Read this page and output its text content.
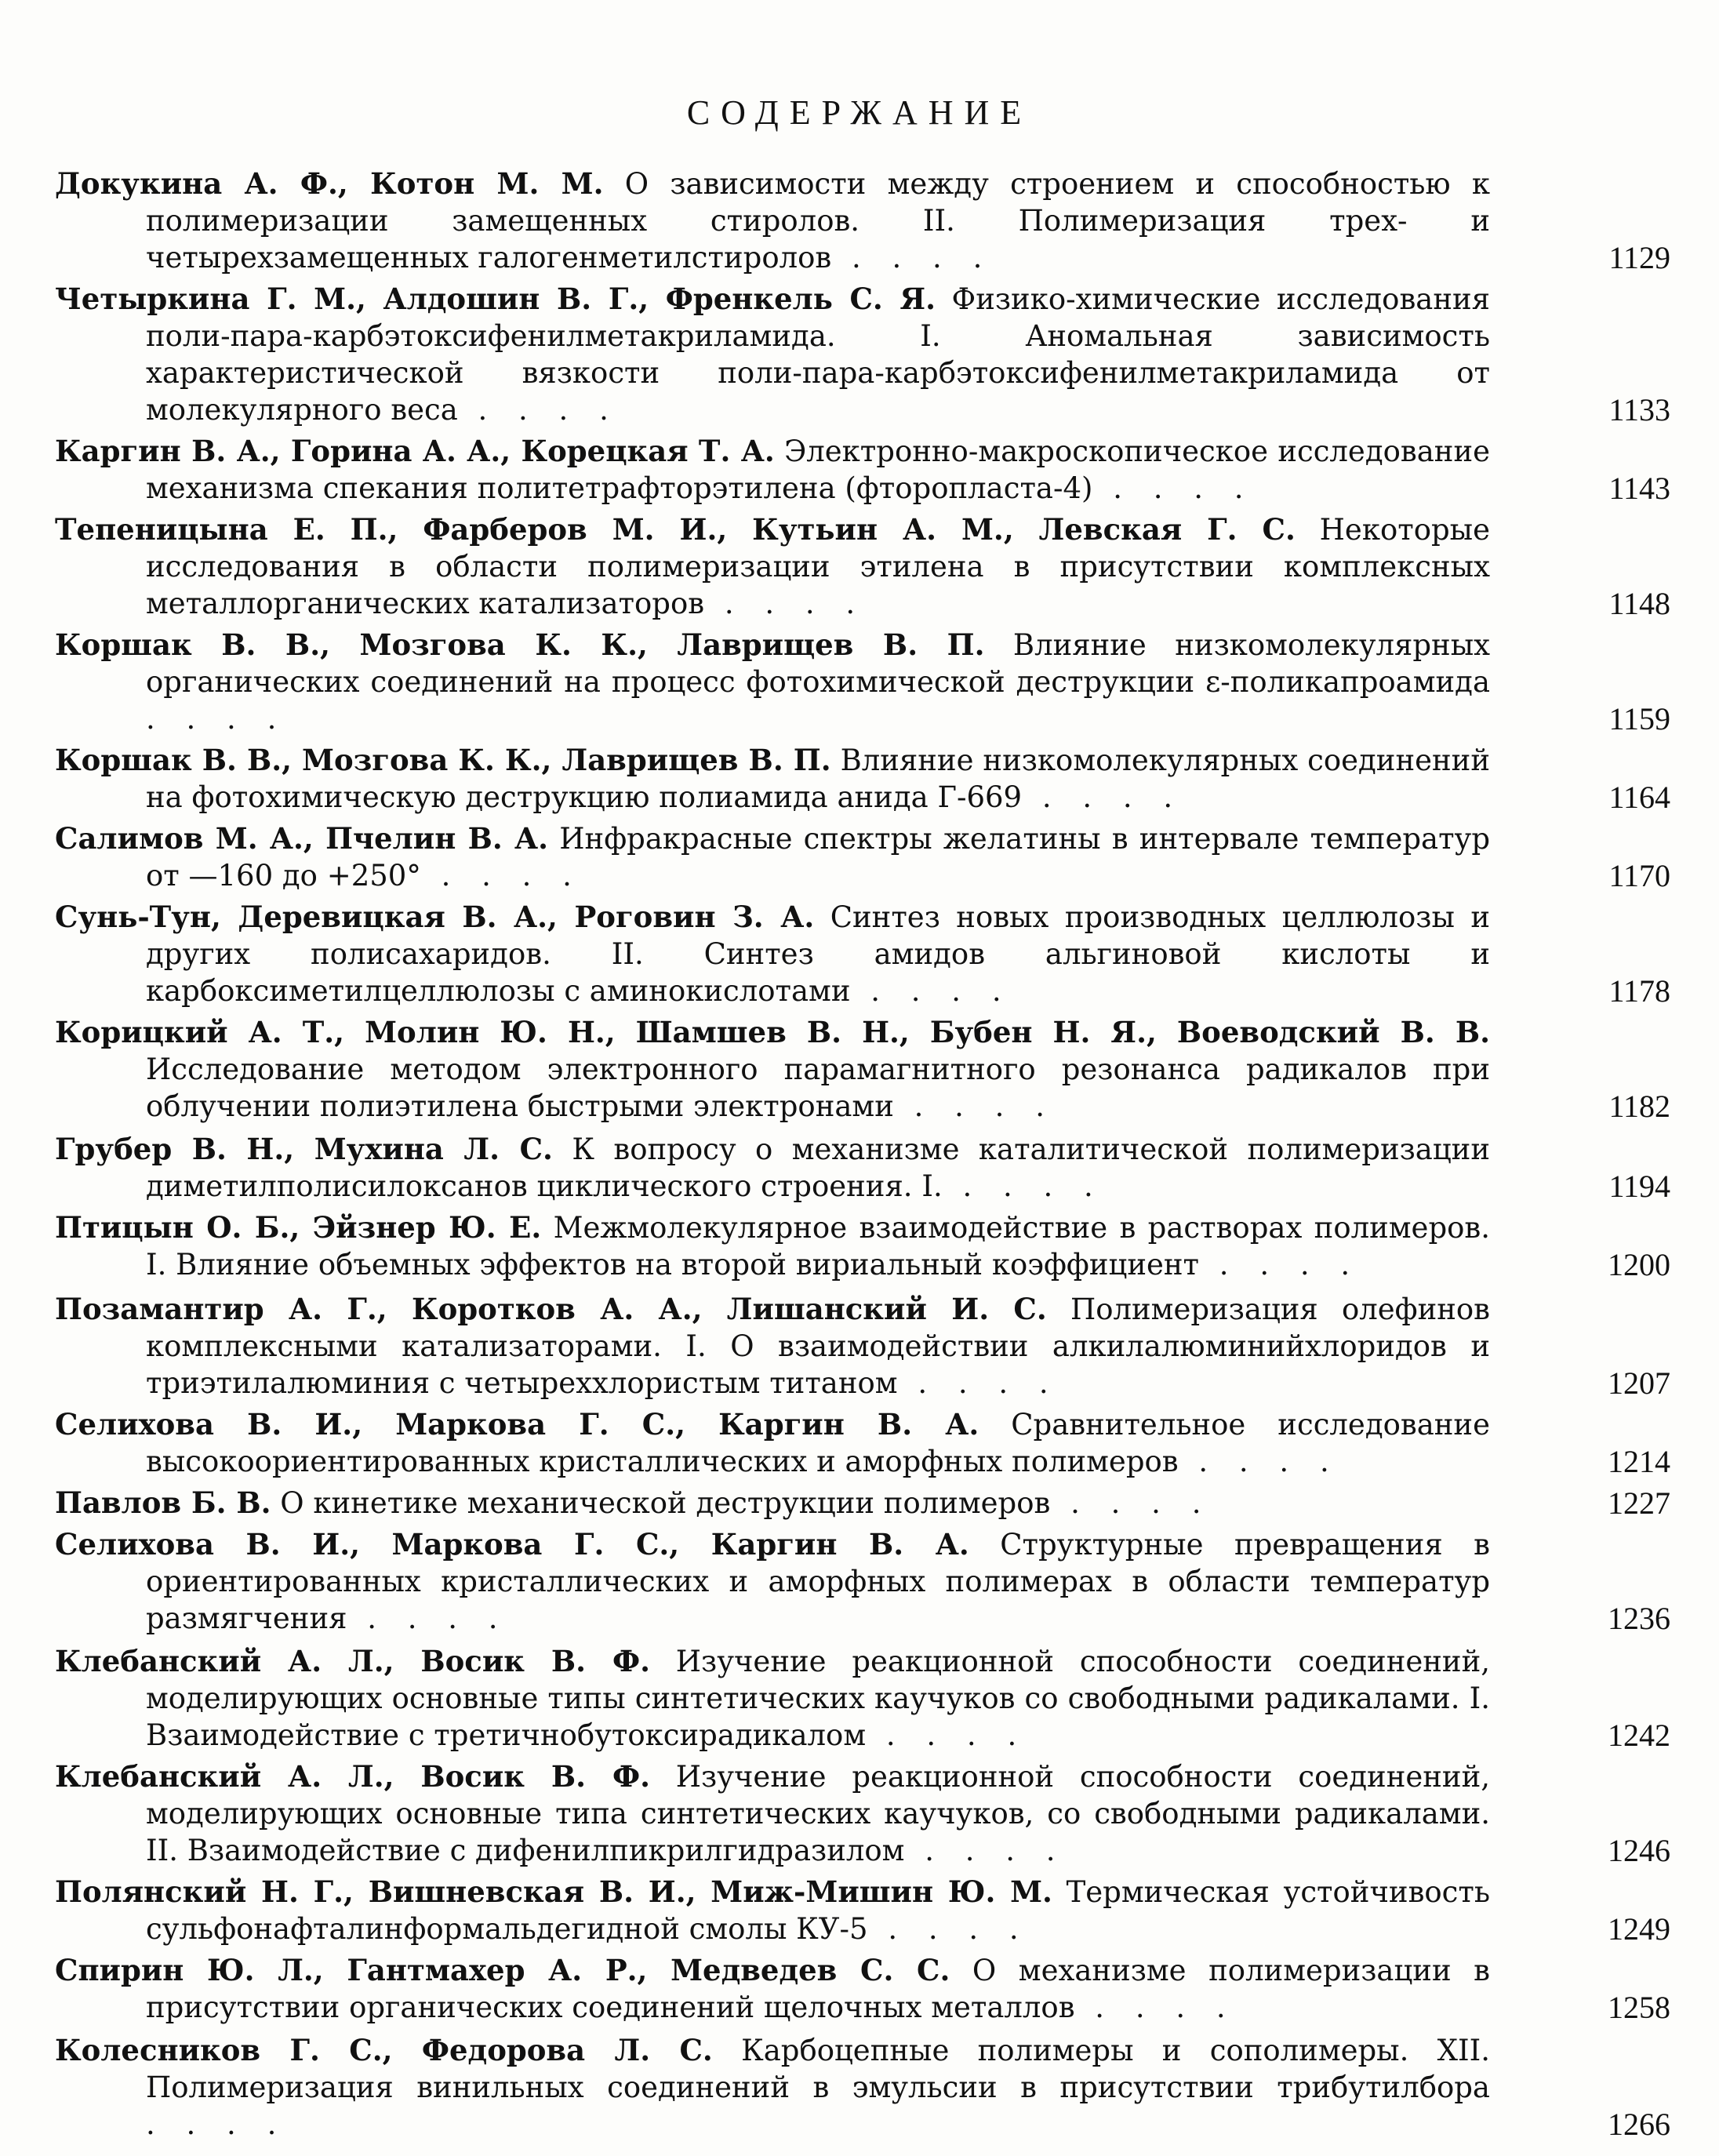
СОДЕРЖАНИЕ
Докукина А. Ф., Котон М. М. О зависимости между строением и способностью к полимеризации замещенных стиролов. II. Полимеризация трех- и четырехзамещенных галогенметилстиролов . . . .	1129
Четыркина Г. М., Алдошин В. Г., Френкель С. Я. Физико-химические исследования поли-пара-карбэтоксифенилметакриламида. I. Аномальная зависимость характеристической вязкости поли-пара-карбэтоксифенилметакриламида от молекулярного веса . . . .	1133
Каргин В. А., Горина А. А., Корецкая Т. А. Электронно-макроскопическое исследование механизма спекания политетрафторэтилена (фторопласта-4) . . . .	1143
Тепеницына Е. П., Фарберов М. И., Кутьин А. М., Левская Г. С. Некоторые исследования в области полимеризации этилена в присутствии комплексных металлорганических катализаторов . . . .	1148
Коршак В. В., Мозгова К. К., Лаврищев В. П. Влияние низкомолекулярных органических соединений на процесс фотохимической деструкции ε-поликапроамида . . . .	1159
Коршак В. В., Мозгова К. К., Лаврищев В. П. Влияние низкомолекулярных соединений на фотохимическую деструкцию полиамида анида Г-669 . . . .	1164
Салимов М. А., Пчелин В. А. Инфракрасные спектры желатины в интервале температур от —160 до +250° . . . .	1170
Сунь-Тун, Деревицкая В. А., Роговин З. А. Синтез новых производных целлюлозы и других полисахаридов. II. Синтез амидов альгиновой кислоты и карбоксиметилцеллюлозы с аминокислотами . . . .	1178
Корицкий А. Т., Молин Ю. Н., Шамшев В. Н., Бубен Н. Я., Воеводский В. В. Исследование методом электронного парамагнитного резонанса радикалов при облучении полиэтилена быстрыми электронами . . . .	1182
Грубер В. Н., Мухина Л. С. К вопросу о механизме каталитической полимеризации диметилполисилоксанов циклического строения. I. . . . .	1194
Птицын О. Б., Эйзнер Ю. Е. Межмолекулярное взаимодействие в растворах полимеров. I. Влияние объемных эффектов на второй вириальный коэффициент . . . .	1200
Позамантир А. Г., Коротков А. А., Лишанский И. С. Полимеризация олефинов комплексными катализаторами. I. О взаимодействии алкилалюминийхлоридов и триэтилалюминия с четыреххлористым титаном . . . .	1207
Селихова В. И., Маркова Г. С., Каргин В. А. Сравнительное исследование высокоориентированных кристаллических и аморфных полимеров . . . .	1214
Павлов Б. В. О кинетике механической деструкции полимеров . . . .	1227
Селихова В. И., Маркова Г. С., Каргин В. А. Структурные превращения в ориентированных кристаллических и аморфных полимерах в области температур размягчения . . . .	1236
Клебанский А. Л., Восик В. Ф. Изучение реакционной способности соединений, моделирующих основные типы синтетических каучуков со свободными радикалами. I. Взаимодействие с третичнобутоксирадикалом . . . .	1242
Клебанский А. Л., Восик В. Ф. Изучение реакционной способности соединений, моделирующих основные типа синтетических каучуков, со свободными радикалами. II. Взаимодействие с дифенилпикрилгидразилом . . . .	1246
Полянский Н. Г., Вишневская В. И., Миж-Мишин Ю. М. Термическая устойчивость сульфонафталинформальдегидной смолы КУ-5 . . . .	1249
Спирин Ю. Л., Гантмахер А. Р., Медведев С. С. О механизме полимеризации в присутствии органических соединений щелочных металлов . . . .	1258
Колесников Г. С., Федорова Л. С. Карбоцепные полимеры и сополимеры. XII. Полимеризация винильных соединений в эмульсии в присутствии трибутилбора . . . .	1266
